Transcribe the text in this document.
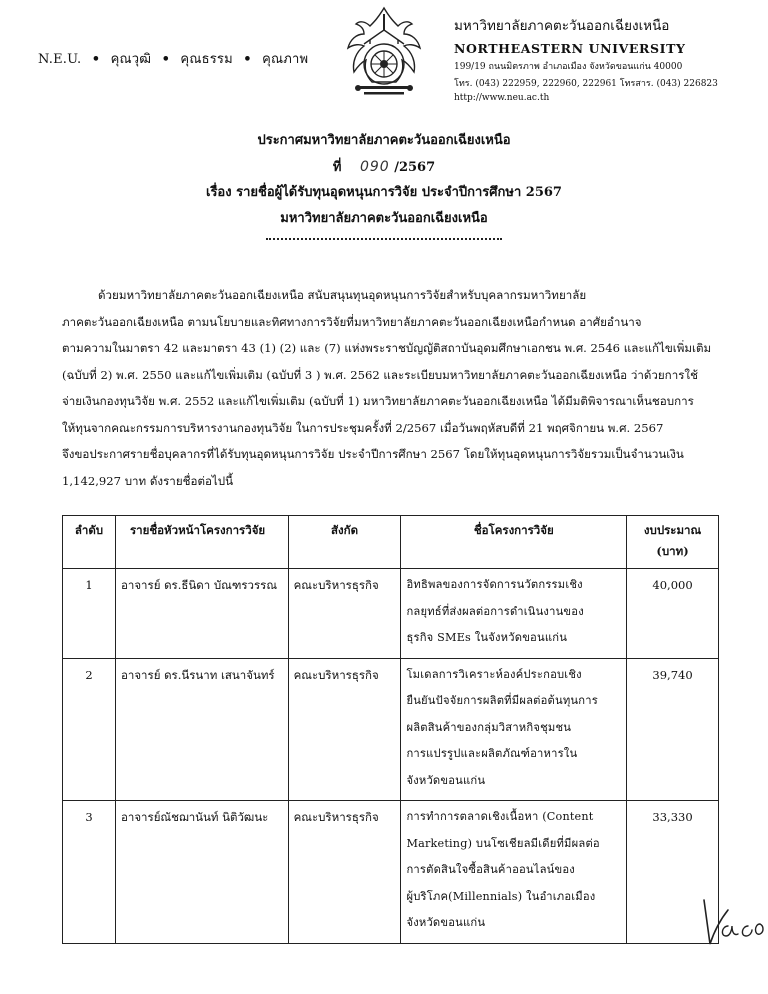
N.E.U. • คุณวุฒิ • คุณธรรม • คุณภาพ
มหาวิทยาลัยภาคตะวันออกเฉียงเหนือ
NORTHEASTERN UNIVERSITY
199/19 ถนนมิตรภาพ อำเภอเมือง จังหวัดขอนแก่น 40000
โทร. (043) 222959, 222960, 222961 โทรสาร. (043) 226823
http://www.neu.ac.th
ประกาศมหาวิทยาลัยภาคตะวันออกเฉียงเหนือ
ที่ 090 /2567
เรื่อง รายชื่อผู้ได้รับทุนอุดหนุนการวิจัย ประจำปีการศึกษา 2567
มหาวิทยาลัยภาคตะวันออกเฉียงเหนือ
ด้วยมหาวิทยาลัยภาคตะวันออกเฉียงเหนือ สนับสนุนทุนอุดหนุนการวิจัยสำหรับบุคลากรมหาวิทยาลัย
ภาคตะวันออกเฉียงเหนือ ตามนโยบายและทิศทางการวิจัยที่มหาวิทยาลัยภาคตะวันออกเฉียงเหนือกำหนด อาศัยอำนาจ
ตามความในมาตรา 42 และมาตรา 43 (1) (2) และ (7) แห่งพระราชบัญญัติสถาบันอุดมศึกษาเอกชน พ.ศ. 2546 และแก้ไขเพิ่มเติม
(ฉบับที่ 2) พ.ศ. 2550 และแก้ไขเพิ่มเติม (ฉบับที่ 3 ) พ.ศ. 2562 และระเบียบมหาวิทยาลัยภาคตะวันออกเฉียงเหนือ ว่าด้วยการใช้
จ่ายเงินกองทุนวิจัย พ.ศ. 2552 และแก้ไขเพิ่มเติม (ฉบับที่ 1) มหาวิทยาลัยภาคตะวันออกเฉียงเหนือ ได้มีมติพิจารณาเห็นชอบการ
ให้ทุนจากคณะกรรมการบริหารงานกองทุนวิจัย ในการประชุมครั้งที่ 2/2567 เมื่อวันพฤหัสบดีที่ 21 พฤศจิกายน พ.ศ. 2567
จึงขอประกาศรายชื่อบุคลากรที่ได้รับทุนอุดหนุนการวิจัย ประจำปีการศึกษา 2567 โดยให้ทุนอุดหนุนการวิจัยรวมเป็นจำนวนเงิน
1,142,927 บาท ดังรายชื่อต่อไปนี้
ลำดับ	รายชื่อหัวหน้าโครงการวิจัย	สังกัด	ชื่อโครงการวิจัย	งบประมาณ
(บาท)

1	อาจารย์ ดร.ธีนิดา บัณฑรวรรณ	คณะบริหารธุรกิจ	อิทธิพลของการจัดการนวัตกรรมเชิง
กลยุทธ์ที่ส่งผลต่อการดำเนินงานของ
ธุรกิจ SMEs ในจังหวัดขอนแก่น	40,000
2	อาจารย์ ดร.นีรนาท เสนาจันทร์	คณะบริหารธุรกิจ	โมเดลการวิเคราะห์องค์ประกอบเชิง
ยืนยันปัจจัยการผลิตที่มีผลต่อต้นทุนการ
ผลิตสินค้าของกลุ่มวิสาหกิจชุมชน
การแปรรูปและผลิตภัณฑ์อาหารใน
จังหวัดขอนแก่น	39,740
3	อาจารย์ณัชฌานันท์ นิติวัฒนะ	คณะบริหารธุรกิจ	การทำการตลาดเชิงเนื้อหา (Content
Marketing) บนโซเชียลมีเดียที่มีผลต่อ
การตัดสินใจซื้อสินค้าออนไลน์ของ
ผู้บริโภค(Millennials) ในอำเภอเมือง
จังหวัดขอนแก่น	33,330
